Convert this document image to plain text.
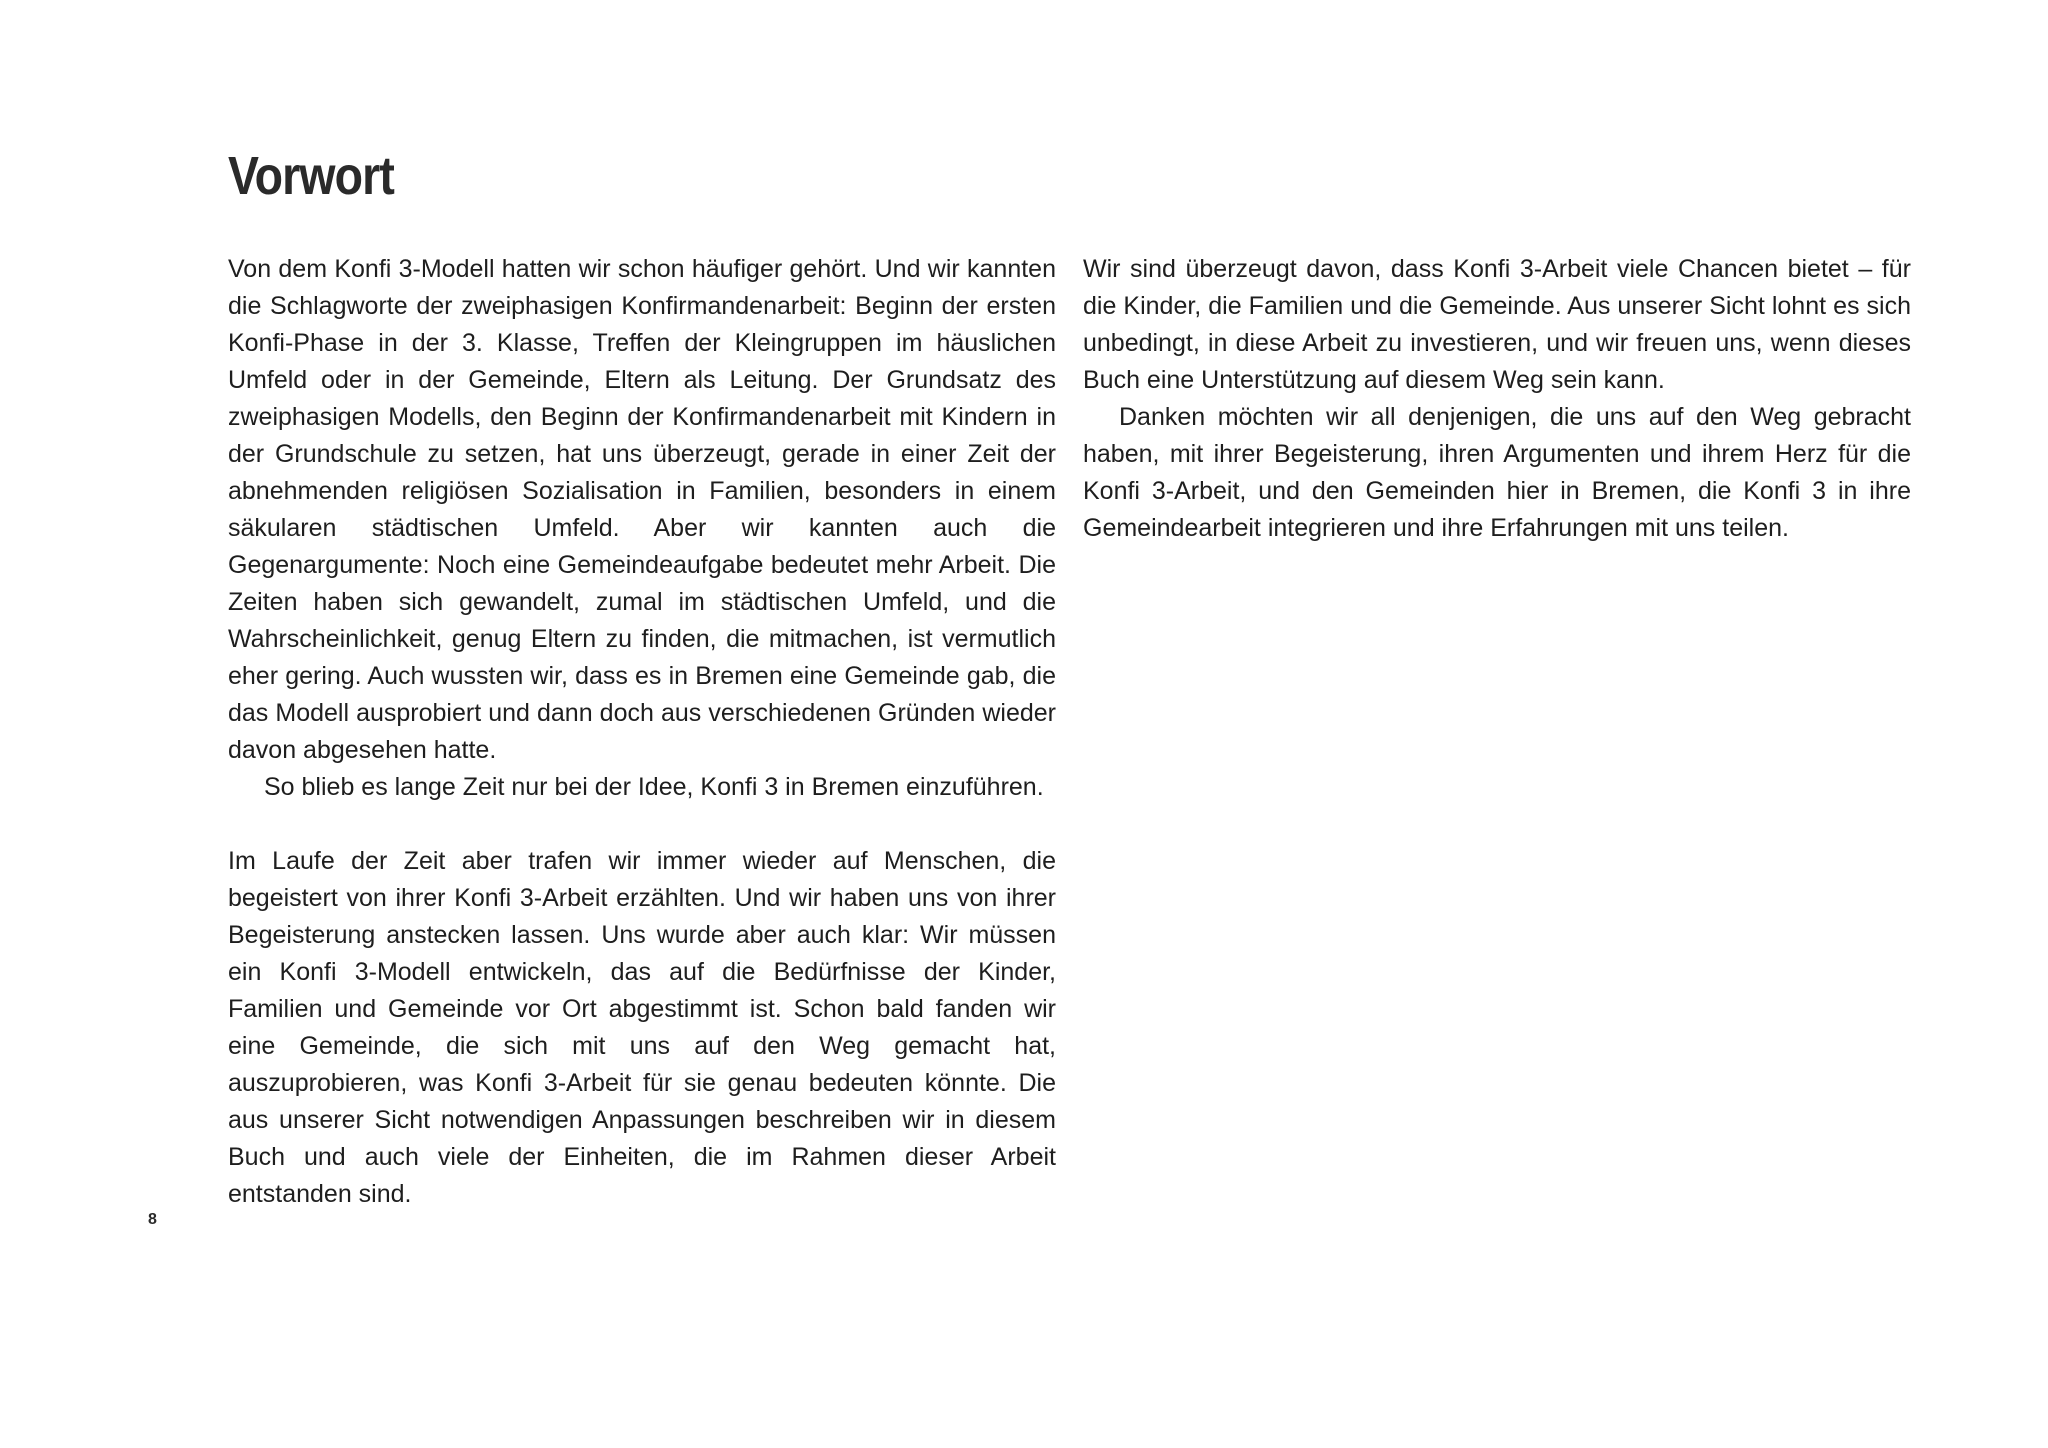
Vorwort

Von dem Konfi 3-Modell hatten wir schon häufiger gehört. Und wir kannten die Schlagworte der zweiphasigen Konfirmandenarbeit: Beginn der ersten Konfi-Phase in der 3. Klasse, Treffen der Kleingruppen im häuslichen Umfeld oder in der Gemeinde, Eltern als Leitung. Der Grundsatz des zweiphasigen Modells, den Beginn der Konfirmandenarbeit mit Kindern in der Grundschule zu setzen, hat uns überzeugt, gerade in einer Zeit der abnehmenden religiösen Sozialisation in Familien, besonders in einem säkularen städtischen Umfeld. Aber wir kannten auch die Gegenargumente: Noch eine Gemeindeaufgabe bedeutet mehr Arbeit. Die Zeiten haben sich gewandelt, zumal im städtischen Umfeld, und die Wahrscheinlichkeit, genug Eltern zu finden, die mitmachen, ist vermutlich eher gering. Auch wussten wir, dass es in Bremen eine Gemeinde gab, die das Modell ausprobiert und dann doch aus verschiedenen Gründen wieder davon abgesehen hatte.

So blieb es lange Zeit nur bei der Idee, Konfi 3 in Bremen einzuführen.

Im Laufe der Zeit aber trafen wir immer wieder auf Menschen, die begeistert von ihrer Konfi 3-Arbeit erzählten. Und wir haben uns von ihrer Begeisterung anstecken lassen. Uns wurde aber auch klar: Wir müssen ein Konfi 3-Modell entwickeln, das auf die Bedürfnisse der Kinder, Familien und Gemeinde vor Ort abgestimmt ist. Schon bald fanden wir eine Gemeinde, die sich mit uns auf den Weg gemacht hat, auszuprobieren, was Konfi 3-Arbeit für sie genau bedeuten könnte. Die aus unserer Sicht notwendigen Anpassungen beschreiben wir in diesem Buch und auch viele der Einheiten, die im Rahmen dieser Arbeit entstanden sind.

Wir sind überzeugt davon, dass Konfi 3-Arbeit viele Chancen bietet – für die Kinder, die Familien und die Gemeinde. Aus unserer Sicht lohnt es sich unbedingt, in diese Arbeit zu investieren, und wir freuen uns, wenn dieses Buch eine Unterstützung auf diesem Weg sein kann.

Danken möchten wir all denjenigen, die uns auf den Weg gebracht haben, mit ihrer Begeisterung, ihren Argumenten und ihrem Herz für die Konfi 3-Arbeit, und den Gemeinden hier in Bremen, die Konfi 3 in ihre Gemeindearbeit integrieren und ihre Erfahrungen mit uns teilen.

8
